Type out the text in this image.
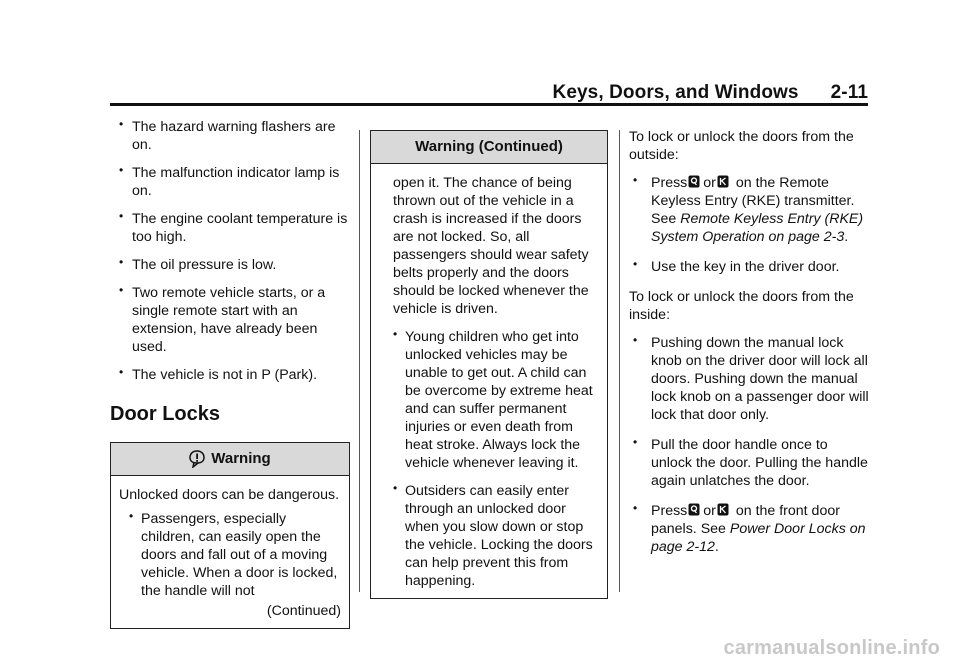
Keys, Doors, and Windows 2-11
• The hazard warning flashers are on.
• The malfunction indicator lamp is on.
• The engine coolant temperature is too high.
• The oil pressure is low.
• Two remote vehicle starts, or a single remote start with an extension, have already been used.
• The vehicle is not in P (Park).
Door Locks
Warning

Unlocked doors can be dangerous.

• Passengers, especially children, can easily open the doors and fall out of a moving vehicle. When a door is locked, the handle will not
(Continued)
Warning (Continued)
open it. The chance of being thrown out of the vehicle in a crash is increased if the doors are not locked. So, all passengers should wear safety belts properly and the doors should be locked whenever the vehicle is driven.
• Young children who get into unlocked vehicles may be unable to get out. A child can be overcome by extreme heat and can suffer permanent injuries or even death from heat stroke. Always lock the vehicle whenever leaving it.
• Outsiders can easily enter through an unlocked door when you slow down or stop the vehicle. Locking the doors can help prevent this from happening.

To lock or unlock the doors from the outside:

• Press or on the Remote Keyless Entry (RKE) transmitter. See Remote Keyless Entry (RKE) System Operation on page 2-3.
• Use the key in the driver door.

To lock or unlock the doors from the inside:

• Pushing down the manual lock knob on the driver door will lock all doors. Pushing down the manual lock knob on a passenger door will lock that door only.
• Pull the door handle once to unlock the door. Pulling the handle again unlatches the door.
• Press or on the front door panels. See Power Door Locks on page 2-12.
carmanualsonline.info
